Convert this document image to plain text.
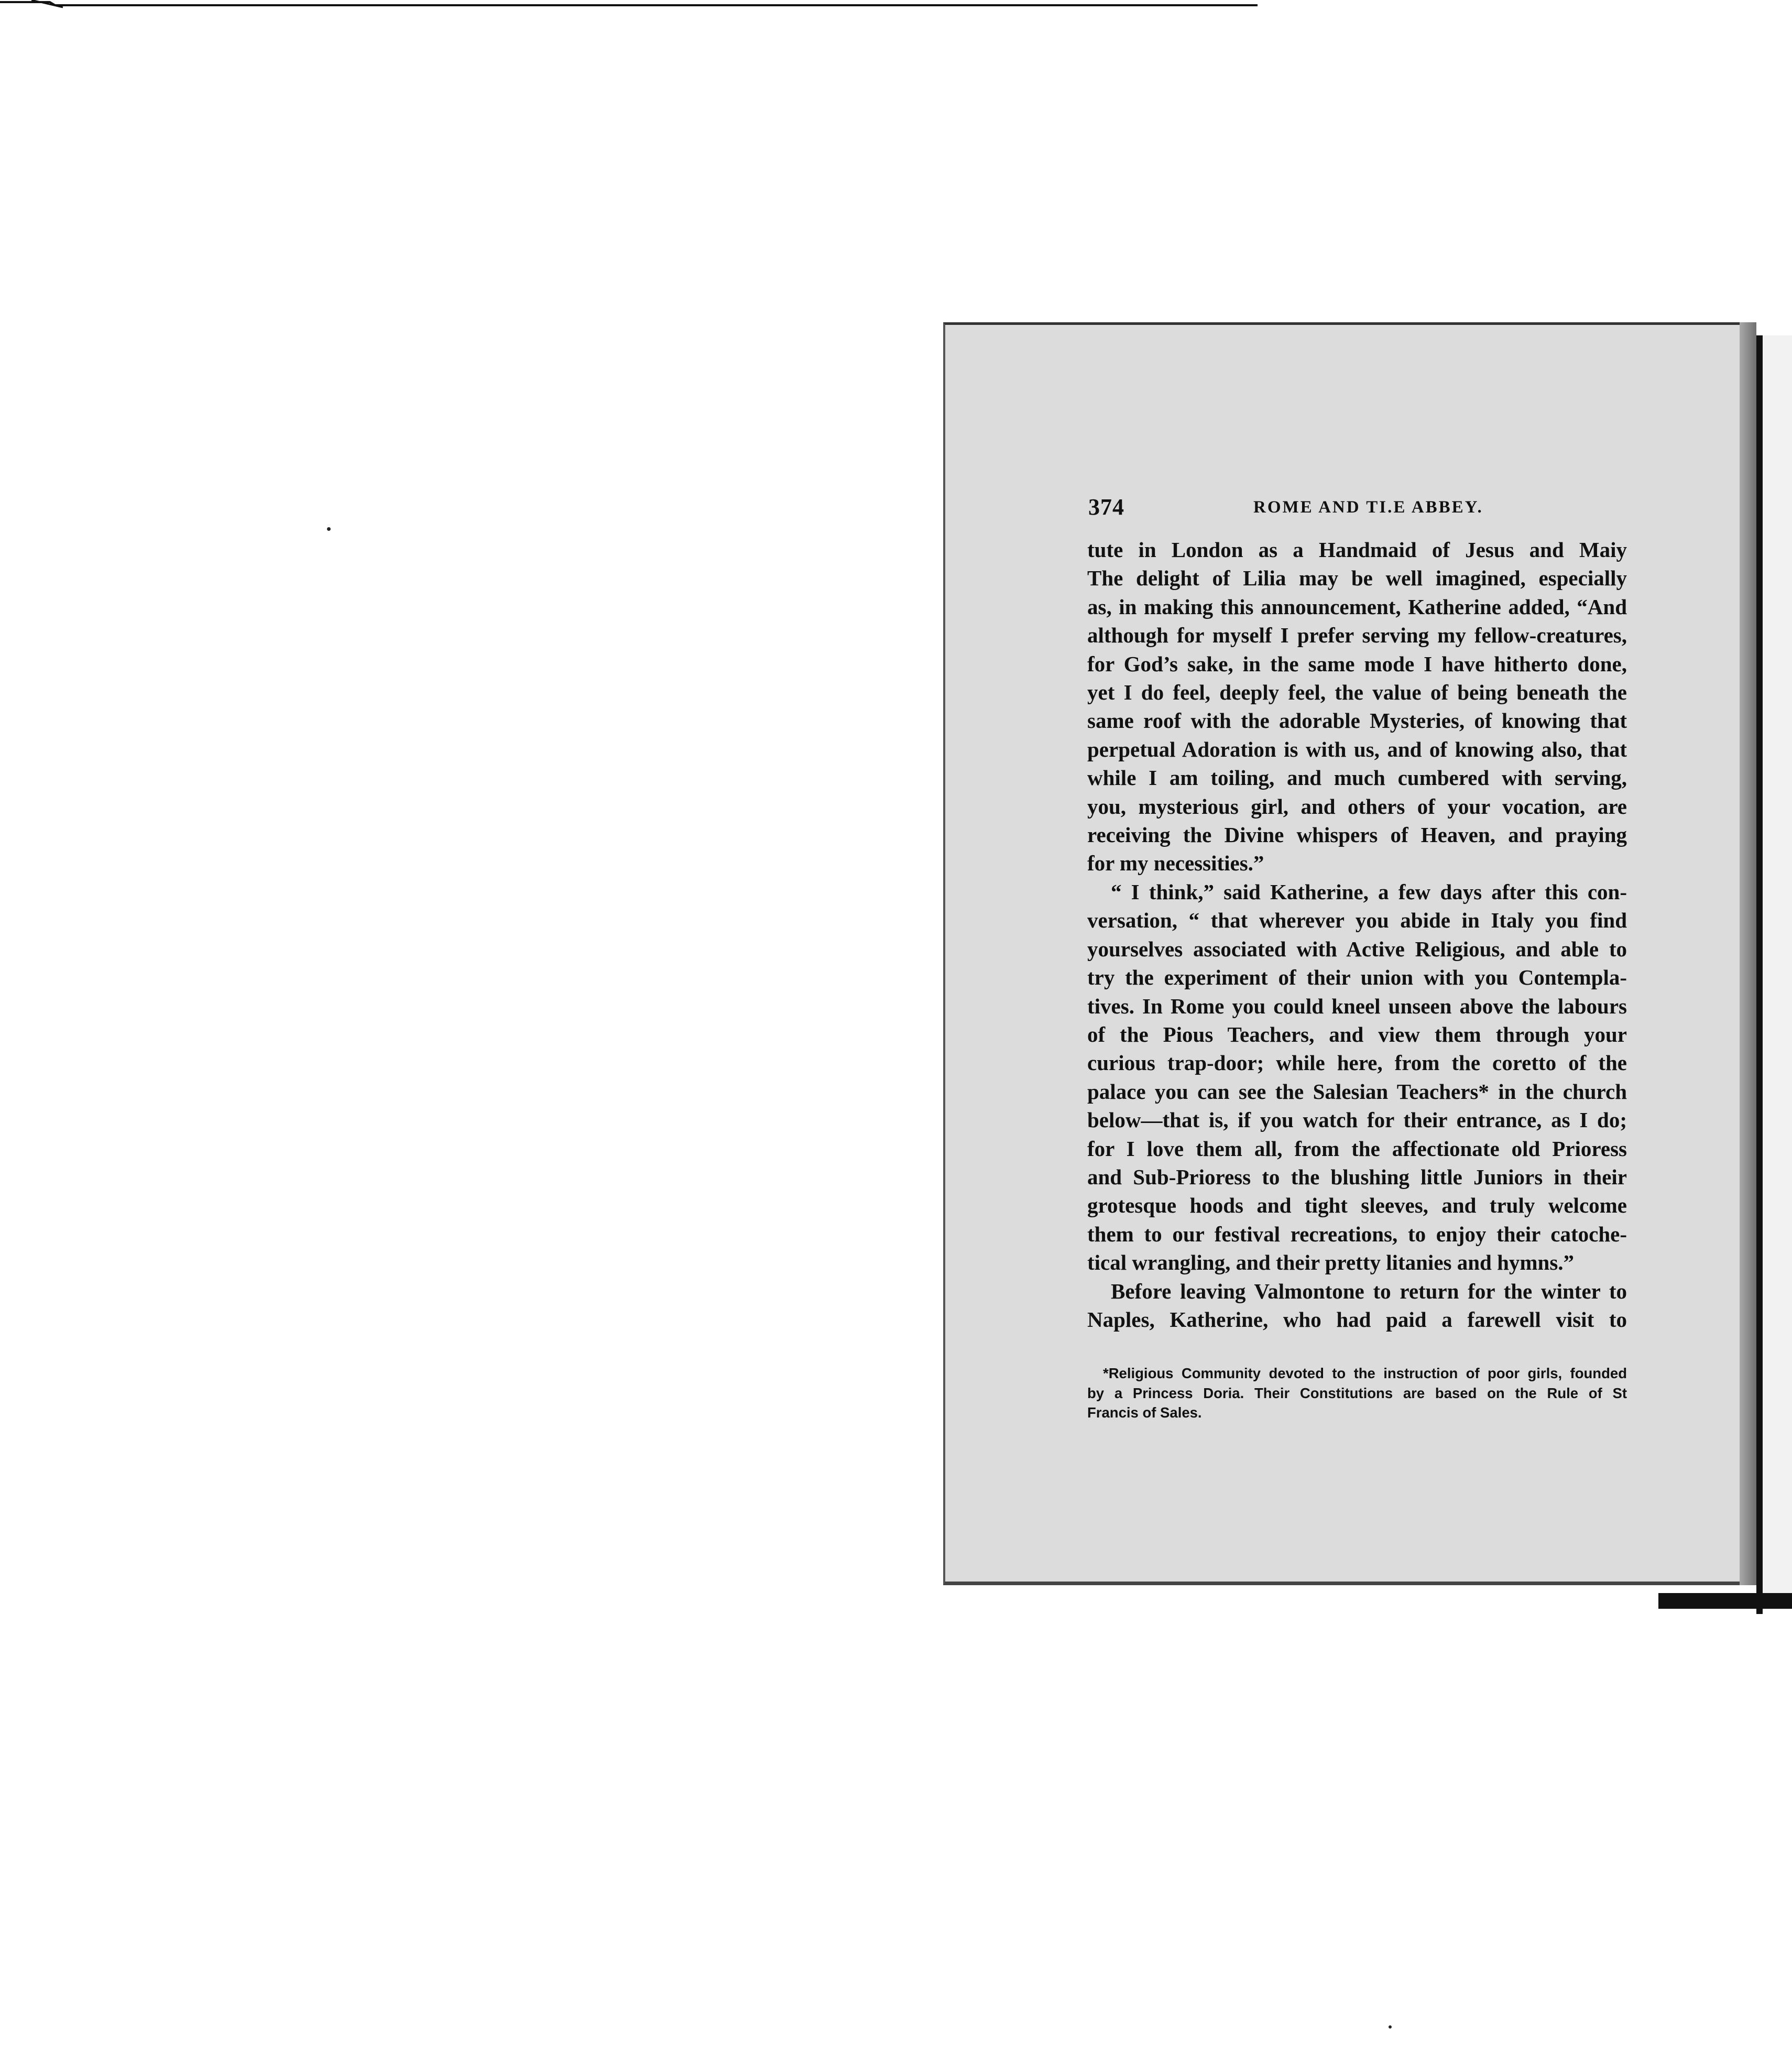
374	ROME AND TI.E ABBEY.
tute in London as a Handmaid of Jesus and Maiy
The delight of Lilia may be well imagined, especially
as, in making this announcement, Katherine added, “And
although for myself I prefer serving my fellow-creatures,
for God’s sake, in the same mode I have hitherto done,
yet I do feel, deeply feel, the value of being beneath the
same roof with the adorable Mysteries, of knowing that
perpetual Adoration is with us, and of knowing also, that
while I am toiling, and much cumbered with serving,
you, mysterious girl, and others of your vocation, are
receiving the Divine whispers of Heaven, and praying
for my necessities.”
“ I think,” said Katherine, a few days after this con-
versation, “ that wherever you abide in Italy you find
yourselves associated with Active Religious, and able to
try the experiment of their union with you Contempla-
tives. In Rome you could kneel unseen above the labours
of the Pious Teachers, and view them through your
curious trap-door; while here, from the coretto of the
palace you can see the Salesian Teachers* in the church
below—that is, if you watch for their entrance, as I do;
for I love them all, from the affectionate old Prioress
and Sub-Prioress to the blushing little Juniors in their
grotesque hoods and tight sleeves, and truly welcome
them to our festival recreations, to enjoy their catoche-
tical wrangling, and their pretty litanies and hymns.”
Before leaving Valmontone to return for the winter to
Naples, Katherine, who had paid a farewell visit to
*Religious Community devoted to the instruction of poor girls, founded
by a Princess Doria. Their Constitutions are based on the Rule of St
Francis of Sales.
